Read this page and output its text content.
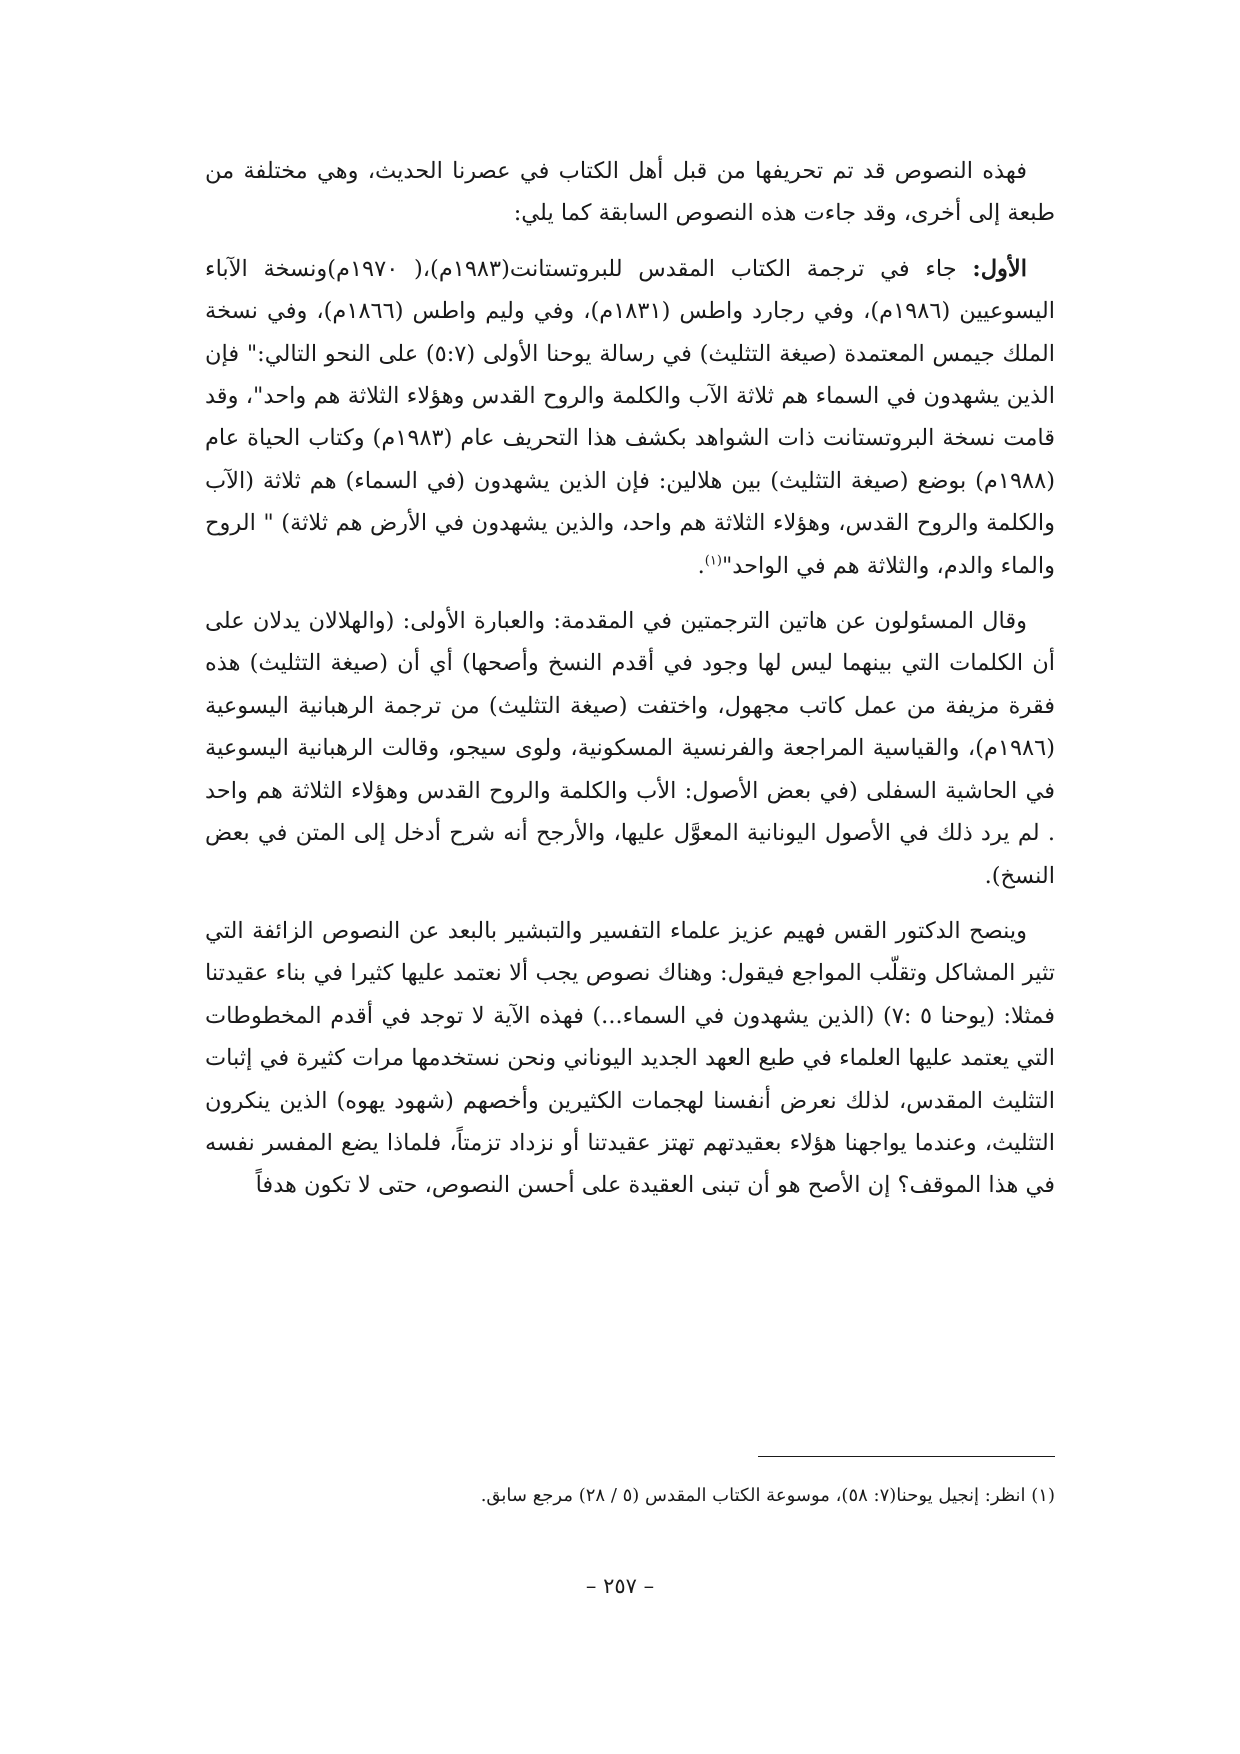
فهذه النصوص قد تم تحريفها من قبل أهل الكتاب في عصرنا الحديث، وهي مختلفة من طبعة إلى أخرى، وقد جاءت هذه النصوص السابقة كما يلي:

الأول: جاء في ترجمة الكتاب المقدس للبروتستانت(١٩٨٣م)،( ١٩٧٠م)ونسخة الآباء اليسوعيين (١٩٨٦م)، وفي رجارد واطس (١٨٣١م)، وفي وليم واطس (١٨٦٦م)، وفي نسخة الملك جيمس المعتمدة (صيغة التثليث) في رسالة يوحنا الأولى (٥:٧) على النحو التالي:" فإن الذين يشهدون في السماء هم ثلاثة الآب والكلمة والروح القدس وهؤلاء الثلاثة هم واحد"، وقد قامت نسخة البروتستانت ذات الشواهد بكشف هذا التحريف عام (١٩٨٣م) وكتاب الحياة عام (١٩٨٨م) بوضع (صيغة التثليث) بين هلالين: فإن الذين يشهدون (في السماء) هم ثلاثة (الآب والكلمة والروح القدس، وهؤلاء الثلاثة هم واحد، والذين يشهدون في الأرض هم ثلاثة) " الروح والماء والدم، والثلاثة هم في الواحد"$^{(١)}$.

وقال المسئولون عن هاتين الترجمتين في المقدمة: والعبارة الأولى: (والهلالان يدلان على أن الكلمات التي بينهما ليس لها وجود في أقدم النسخ وأصحها) أي أن (صيغة التثليث) هذه فقرة مزيفة من عمل كاتب مجهول، واختفت (صيغة التثليث) من ترجمة الرهبانية اليسوعية (١٩٨٦م)، والقياسية المراجعة والفرنسية المسكونية، ولوى سيجو، وقالت الرهبانية اليسوعية في الحاشية السفلى (في بعض الأصول: الأب والكلمة والروح القدس وهؤلاء الثلاثة هم واحد . لم يرد ذلك في الأصول اليونانية المعوَّل عليها، والأرجح أنه شرح أدخل إلى المتن في بعض النسخ).

وينصح الدكتور القس فهيم عزيز علماء التفسير والتبشير بالبعد عن النصوص الزائفة التي تثير المشاكل وتقلّب المواجع فيقول: وهناك نصوص يجب ألا نعتمد عليها كثيرا في بناء عقيدتنا فمثلا: (يوحنا ٥ :٧) (الذين يشهدون في السماء...) فهذه الآية لا توجد في أقدم المخطوطات التي يعتمد عليها العلماء في طبع العهد الجديد اليوناني ونحن نستخدمها مرات كثيرة في إثبات التثليث المقدس، لذلك نعرض أنفسنا لهجمات الكثيرين وأخصهم (شهود يهوه) الذين ينكرون التثليث، وعندما يواجهنا هؤلاء بعقيدتهم تهتز عقيدتنا أو نزداد تزمتاً، فلماذا يضع المفسر نفسه في هذا الموقف؟ إن الأصح هو أن تبنى العقيدة على أحسن النصوص، حتى لا تكون هدفاً

(١) انظر: إنجيل يوحنا(٧: ٥٨)، موسوعة الكتاب المقدس (٥ / ٢٨) مرجع سابق.
– ٢٥٧ –
